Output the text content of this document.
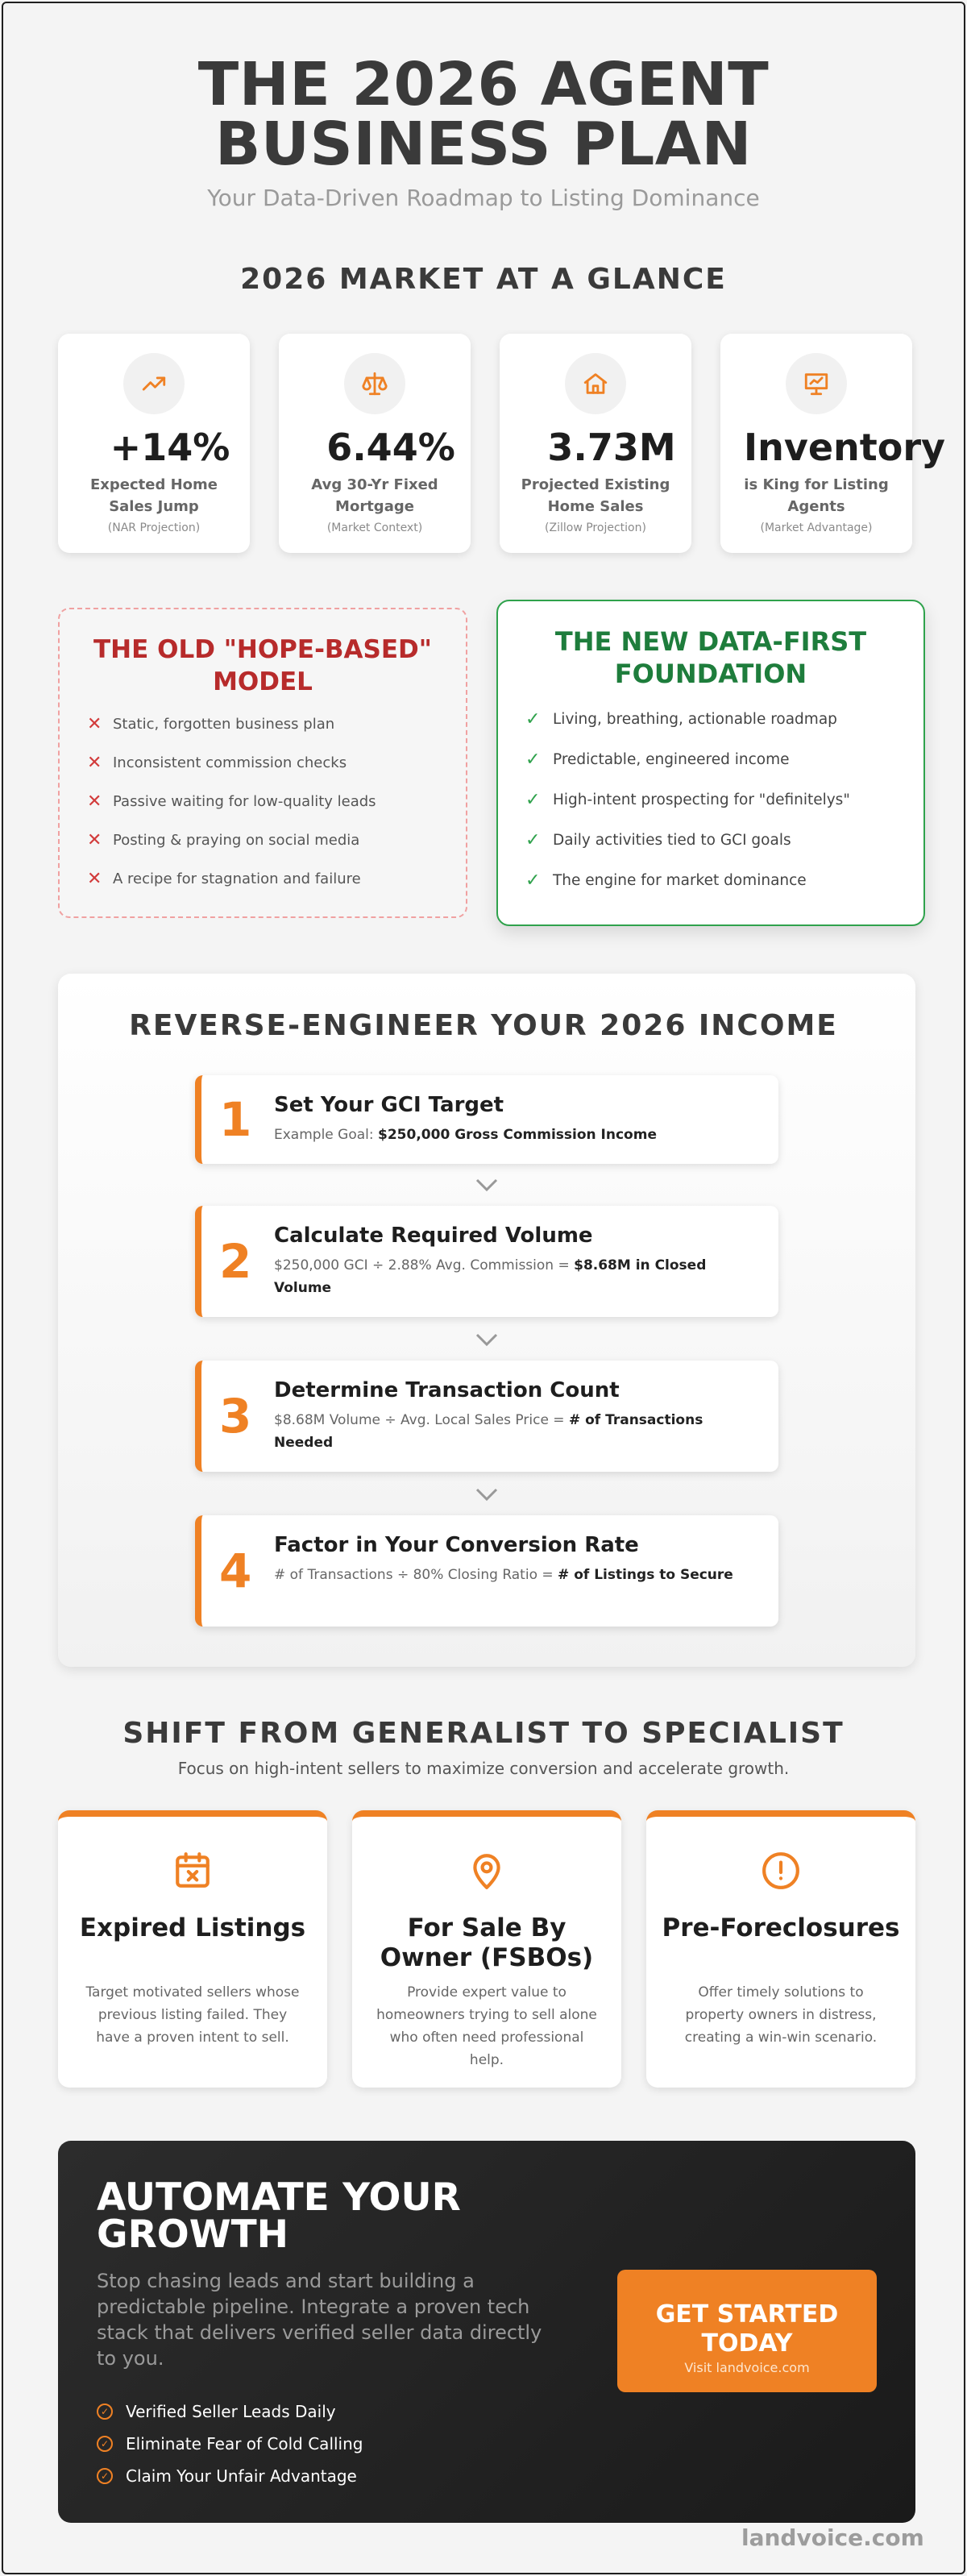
THE 2026 AGENT
BUSINESS PLAN
Your Data-Driven Roadmap to Listing Dominance
2026 MARKET AT A GLANCE
+14%
Expected Home Sales Jump
(NAR Projection)
6.44%
Avg 30-Yr Fixed Mortgage
(Market Context)
3.73M
Projected Existing Home Sales
(Zillow Projection)
Inventory
is King for Listing Agents
(Market Advantage)
THE OLD "HOPE-BASED" MODEL
✕ Static, forgotten business plan
✕ Inconsistent commission checks
✕ Passive waiting for low-quality leads
✕ Posting & praying on social media
✕ A recipe for stagnation and failure
THE NEW DATA-FIRST FOUNDATION
✓ Living, breathing, actionable roadmap
✓ Predictable, engineered income
✓ High-intent prospecting for "definitelys"
✓ Daily activities tied to GCI goals
✓ The engine for market dominance
REVERSE-ENGINEER YOUR 2026 INCOME
1 Set Your GCI Target
Example Goal: $250,000 Gross Commission Income
2 Calculate Required Volume
$250,000 GCI ÷ 2.88% Avg. Commission = $8.68M in Closed Volume
3 Determine Transaction Count
$8.68M Volume ÷ Avg. Local Sales Price = # of Transactions Needed
4 Factor in Your Conversion Rate
# of Transactions ÷ 80% Closing Ratio = # of Listings to Secure
SHIFT FROM GENERALIST TO SPECIALIST
Focus on high-intent sellers to maximize conversion and accelerate growth.
Expired Listings
Target motivated sellers whose previous listing failed. They have a proven intent to sell.
For Sale By Owner (FSBOs)
Provide expert value to homeowners trying to sell alone who often need professional help.
Pre-Foreclosures
Offer timely solutions to property owners in distress, creating a win-win scenario.
AUTOMATE YOUR GROWTH
Stop chasing leads and start building a predictable pipeline. Integrate a proven tech stack that delivers verified seller data directly to you.
✓ Verified Seller Leads Daily
✓ Eliminate Fear of Cold Calling
✓ Claim Your Unfair Advantage
GET STARTED TODAY
Visit landvoice.com
landvoice.com
